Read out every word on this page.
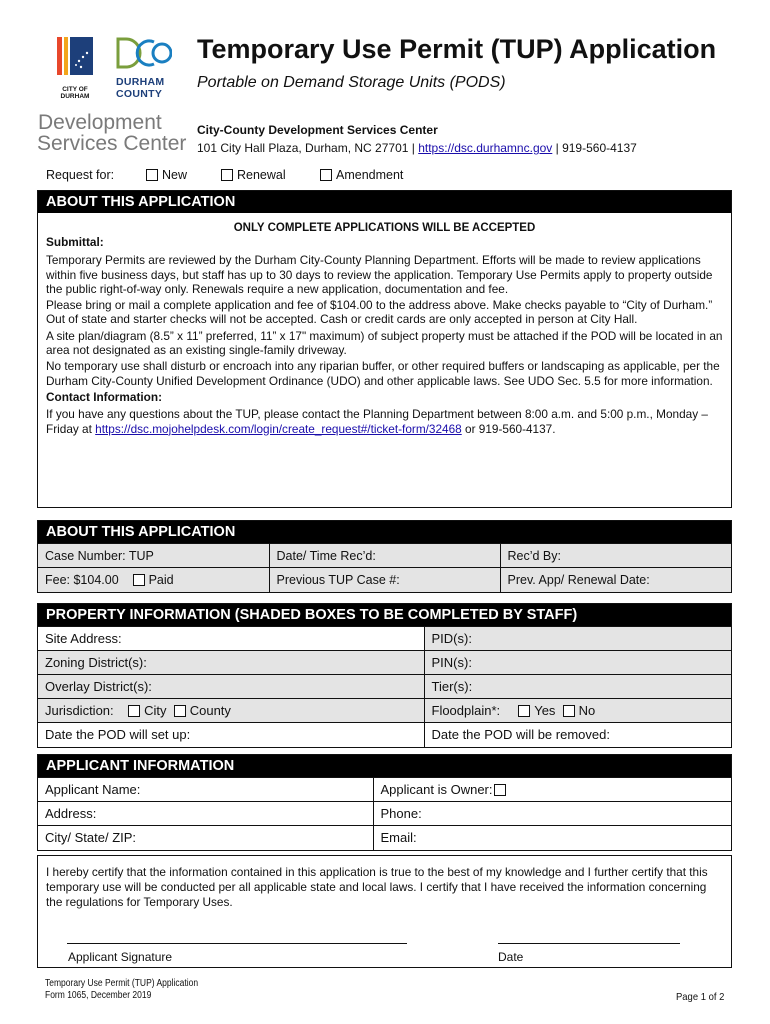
CITY OF DURHAM
DURHAM
COUNTY
Development
Services Center
Temporary Use Permit (TUP) Application
Portable on Demand Storage Units (PODS)
City-County Development Services Center
101 City Hall Plaza, Durham, NC 27701 | https://dsc.durhamnc.gov | 919-560-4137
Request for:	New	Renewal	Amendment
ABOUT THIS APPLICATION
ONLY COMPLETE APPLICATIONS WILL BE ACCEPTED
Submittal:

Temporary Permits are reviewed by the Durham City-County Planning Department. Efforts will be made to review applications within five business days, but staff has up to 30 days to review the application. Temporary Use Permits apply to property outside the public right-of-way only. Renewals require a new application, documentation and fee.

Please bring or mail a complete application and fee of $104.00 to the address above. Make checks payable to “City of Durham.” Out of state and starter checks will not be accepted. Cash or credit cards are only accepted in person at City Hall.

A site plan/diagram (8.5” x 11” preferred, 11” x 17" maximum) of subject property must be attached if the POD will be located in an area not designated as an existing single-family driveway.

No temporary use shall disturb or encroach into any riparian buffer, or other required buffers or landscaping as applicable, per the Durham City-County Unified Development Ordinance (UDO) and other applicable laws. See UDO Sec. 5.5 for more information.

Contact Information:

If you have any questions about the TUP, please contact the Planning Department between 8:00 a.m. and 5:00 p.m., Monday – Friday at https://dsc.mojohelpdesk.com/login/create_request#/ticket-form/32468 or 919-560-4137.

ABOUT THIS APPLICATION
Case Number: TUP	Date/ Time Rec’d:	Rec’d By:
Fee: $104.00 Paid	Previous TUP Case #:	Prev. App/ Renewal Date:
PROPERTY INFORMATION (SHADED BOXES TO BE COMPLETED BY STAFF)
Site Address:	PID(s):
Zoning District(s):	PIN(s):
Overlay District(s):	Tier(s):
Jurisdiction: City County	Floodplain*: Yes No
Date the POD will set up:	Date the POD will be removed:
APPLICANT INFORMATION
Applicant Name:	Applicant is Owner:
Address:	Phone:
City/ State/ ZIP:	Email:
I hereby certify that the information contained in this application is true to the best of my knowledge and I further certify that this temporary use will be conducted per all applicable state and local laws. I certify that I have received the information concerning the regulations for Temporary Uses.
Applicant Signature	Date
Temporary Use Permit (TUP) Application
Form 1065, December 2019	Page 1 of 2
